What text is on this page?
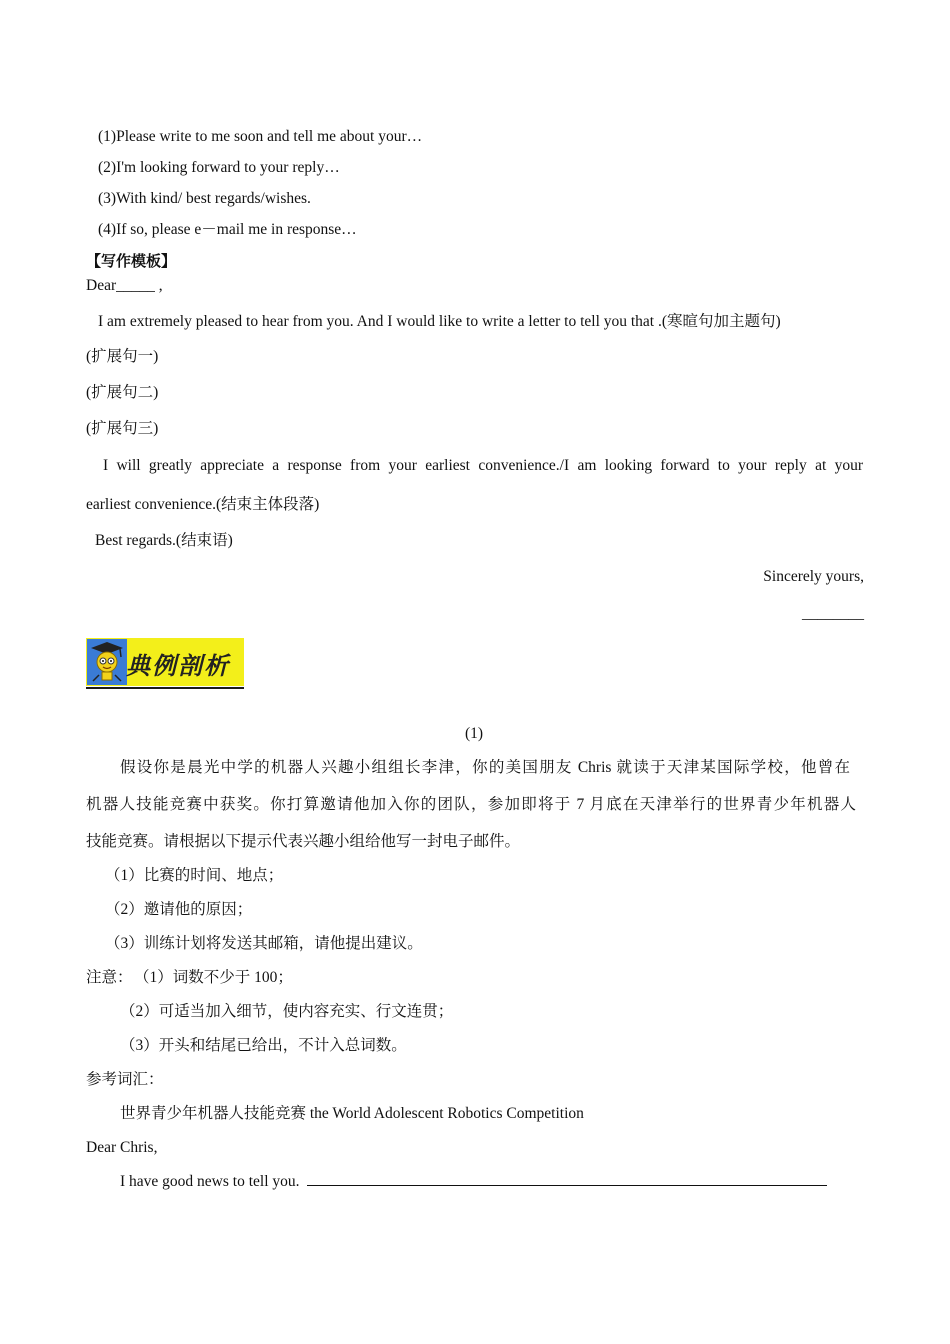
(1)Please write to me soon and tell me about your…
(2)I'm looking forward to your reply…
(3)With kind/ best regards/wishes.
(4)If so, please e－mail me in response…
【写作模板】
Dear_____ ,
I am extremely pleased to hear from you. And I would like to write a letter to tell you that .(寒暄句加主题句)
(扩展句一)
(扩展句二)
(扩展句三)
I will greatly appreciate a response from your earliest convenience./I am looking forward to your reply at your
earliest convenience.(结束主体段落)
Best regards.(结束语)
Sincerely yours,
________
典例剖析
(1)
假设你是晨光中学的机器人兴趣小组组长李津，你的美国朋友 Chris 就读于天津某国际学校，他曾在
机器人技能竞赛中获奖。你打算邀请他加入你的团队，参加即将于 7 月底在天津举行的世界青少年机器人
技能竞赛。请根据以下提示代表兴趣小组给他写一封电子邮件。
（1）比赛的时间、地点；
（2）邀请他的原因；
（3）训练计划将发送其邮箱，请他提出建议。
注意： （1）词数不少于 100；
（2）可适当加入细节，使内容充实、行文连贯；
（3）开头和结尾已给出，不计入总词数。
参考词汇：
世界青少年机器人技能竞赛 the World Adolescent Robotics Competition
Dear Chris,
I have good news to tell you.
